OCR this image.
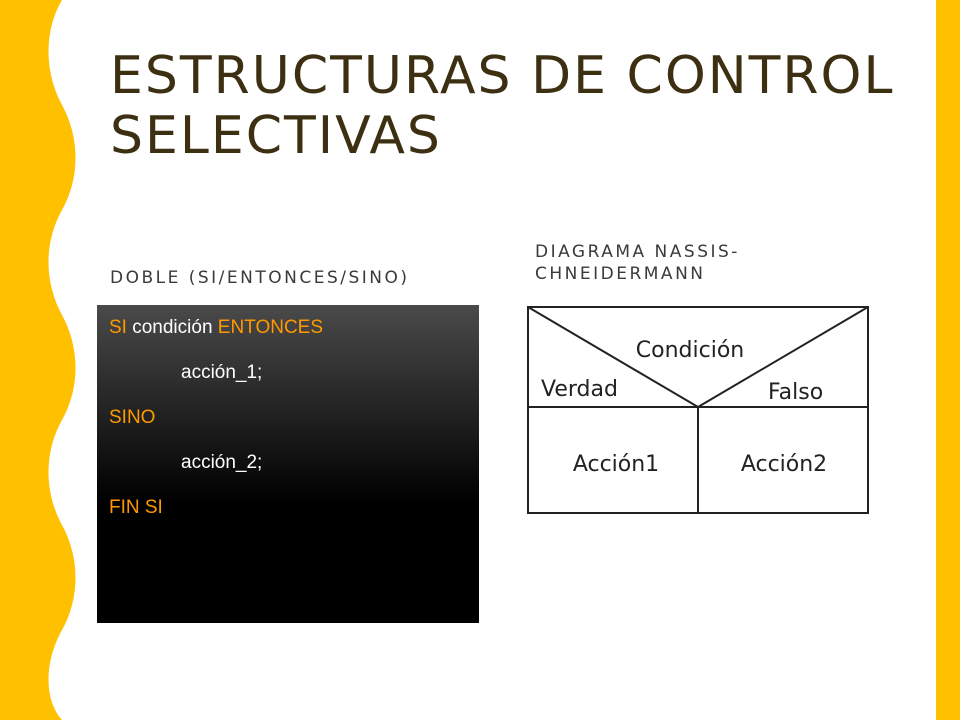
ESTRUCTURAS DE CONTROL
SELECTIVAS
DOBLE (SI/ENTONCES/SINO)
DIAGRAMA NASSIS-
CHNEIDERMANN
SI condición ENTONCES
acción_1;
SINO
acción_2;
FIN SI
Condición
Verdad	Falso
Acción1	Acción2
